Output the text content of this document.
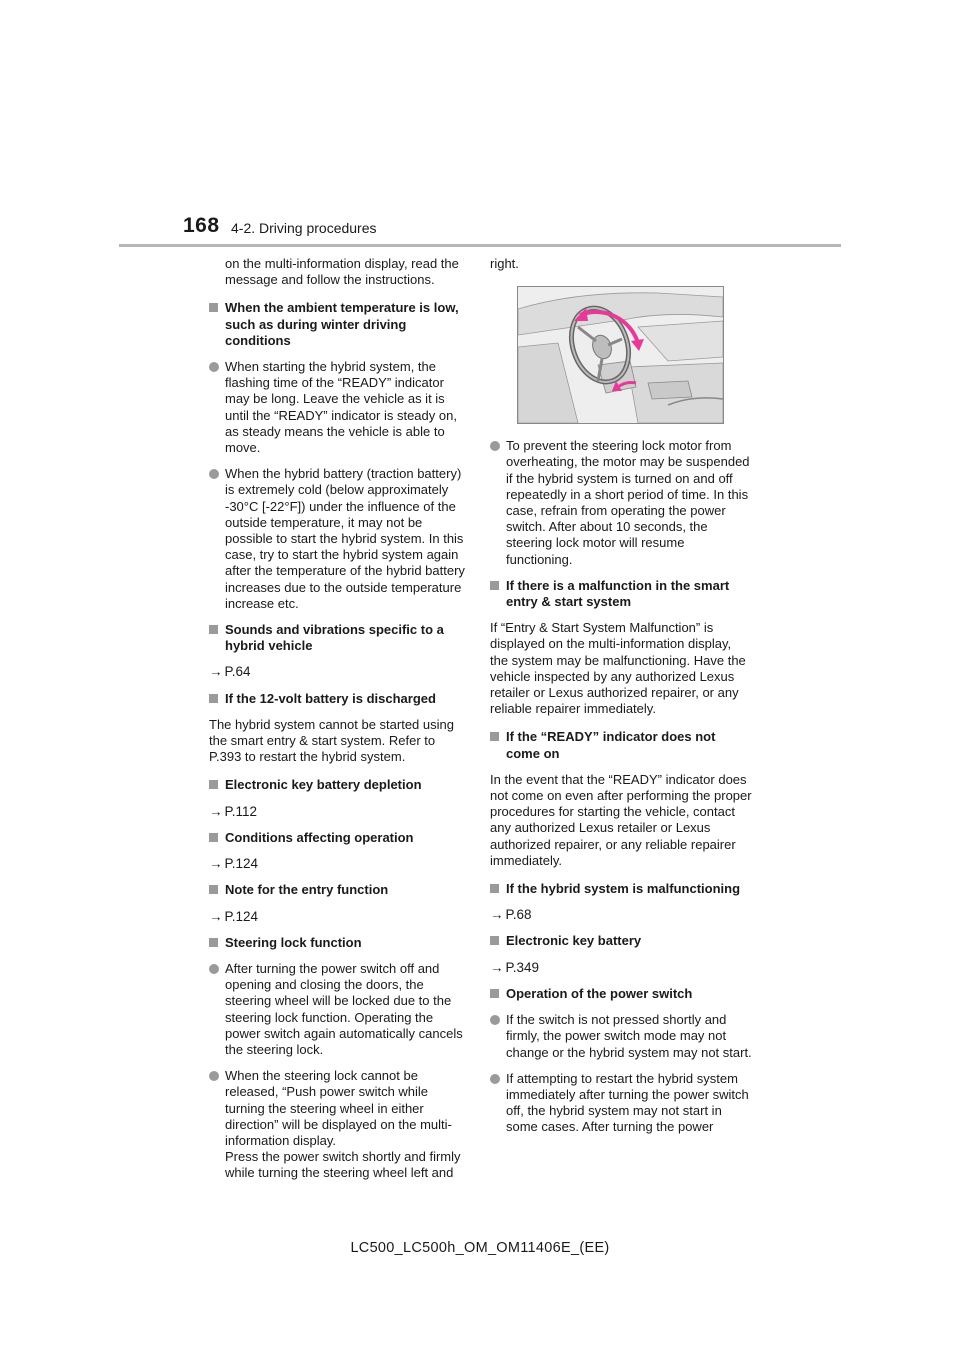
168 4-2. Driving procedures
on the multi-information display, read the message and follow the instructions.
When the ambient temperature is low, such as during winter driving conditions
When starting the hybrid system, the flashing time of the “READY” indicator may be long. Leave the vehicle as it is until the “READY” indicator is steady on, as steady means the vehicle is able to move.
When the hybrid battery (traction battery) is extremely cold (below approximately -30°C [-22°F]) under the influence of the outside temperature, it may not be possible to start the hybrid system. In this case, try to start the hybrid system again after the temperature of the hybrid battery increases due to the outside temperature increase etc.
Sounds and vibrations specific to a hybrid vehicle
→ P.64
If the 12-volt battery is discharged
The hybrid system cannot be started using the smart entry & start system. Refer to P.393 to restart the hybrid system.
Electronic key battery depletion
→ P.112
Conditions affecting operation
→ P.124
Note for the entry function
→ P.124
Steering lock function
After turning the power switch off and opening and closing the doors, the steering wheel will be locked due to the steering lock function. Operating the power switch again automatically cancels the steering lock.
When the steering lock cannot be released, “Push power switch while turning the steering wheel in either direction” will be displayed on the multi-information display.
Press the power switch shortly and firmly while turning the steering wheel left and
right.
To prevent the steering lock motor from overheating, the motor may be suspended if the hybrid system is turned on and off repeatedly in a short period of time. In this case, refrain from operating the power switch. After about 10 seconds, the steering lock motor will resume functioning.
If there is a malfunction in the smart entry & start system
If “Entry & Start System Malfunction” is displayed on the multi-information display, the system may be malfunctioning. Have the vehicle inspected by any authorized Lexus retailer or Lexus authorized repairer, or any reliable repairer immediately.
If the “READY” indicator does not come on
In the event that the “READY” indicator does not come on even after performing the proper procedures for starting the vehicle, contact any authorized Lexus retailer or Lexus authorized repairer, or any reliable repairer immediately.
If the hybrid system is malfunctioning
→ P.68
Electronic key battery
→ P.349
Operation of the power switch
If the switch is not pressed shortly and firmly, the power switch mode may not change or the hybrid system may not start.
If attempting to restart the hybrid system immediately after turning the power switch off, the hybrid system may not start in some cases. After turning the power
LC500_LC500h_OM_OM11406E_(EE)
